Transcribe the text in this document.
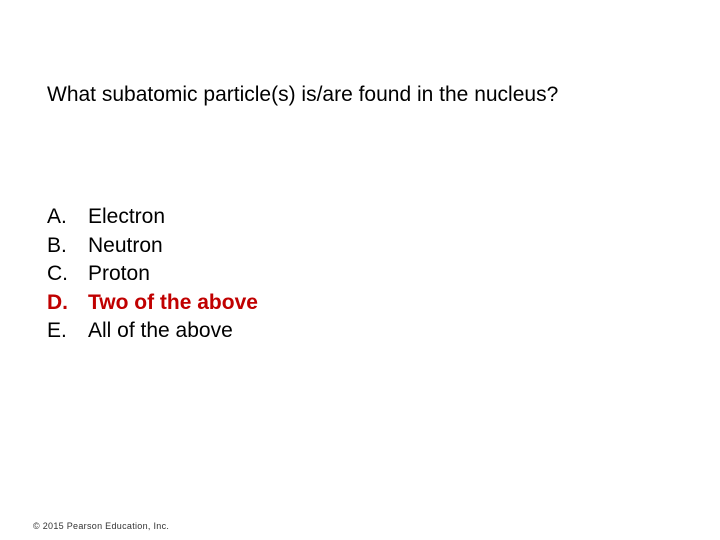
What subatomic particle(s) is/are found in the nucleus?
A.	Electron
B.	Neutron
C. Proton
D. Two of the above
E.	All of the above
© 2015 Pearson Education, Inc.
